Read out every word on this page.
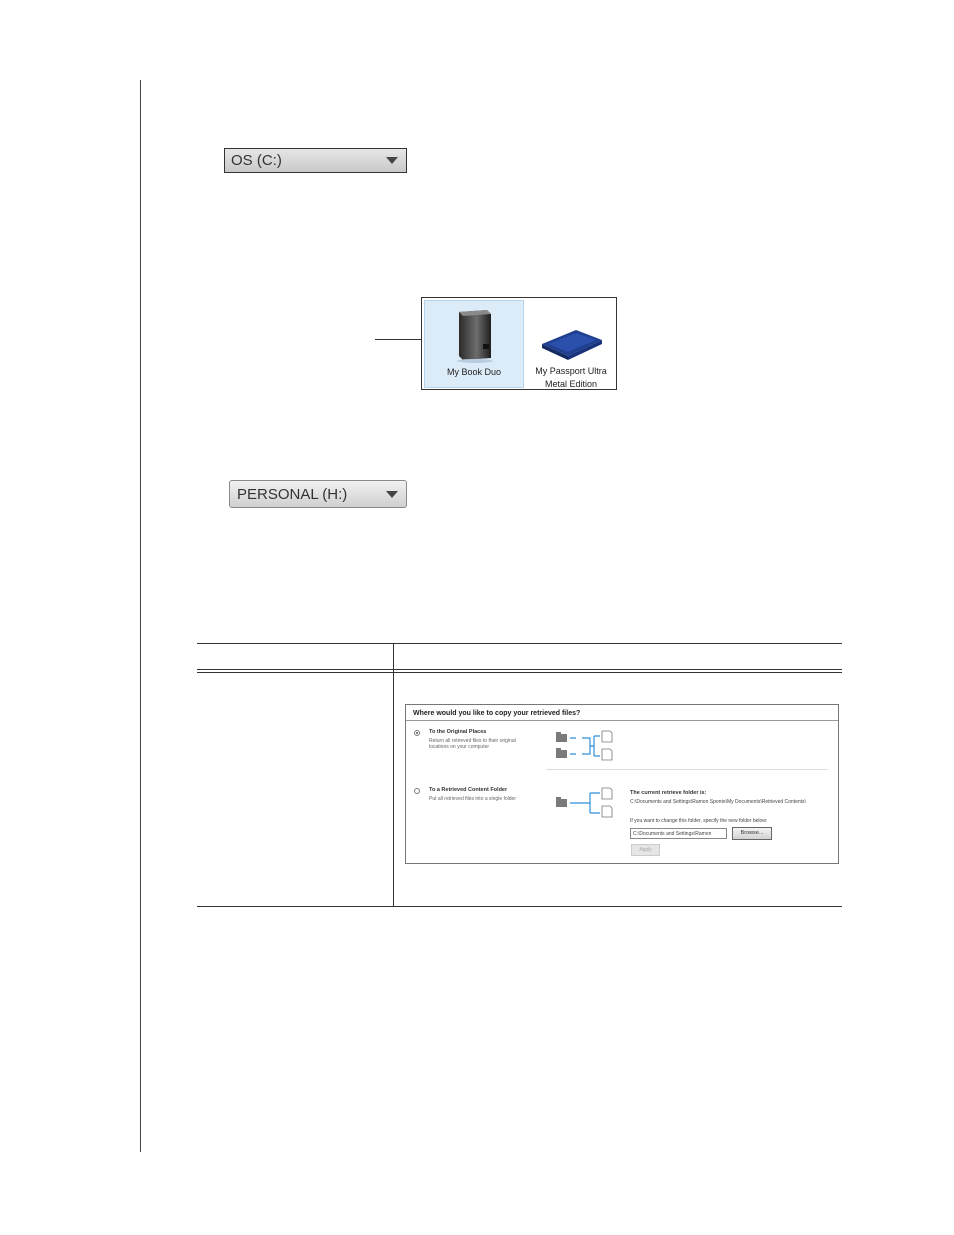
OS (C:)
My Book Duo	My Passport Ultra
Metal Edition
PERSONAL (H:)
Where would you like to copy your retrieved files?
To the Original Places
Return all retrieved files to their original locations on your computer
To a Retrieved Content Folder
Put all retrieved files into a single folder
The current retrieve folder is:
C:\Documents and Settings\Ramon Sponte\My Documents\Retrieved Contents\
If you want to change this folder, specify the new folder below:
C:\Documents and Settings\Ramon	Browse...
Apply
